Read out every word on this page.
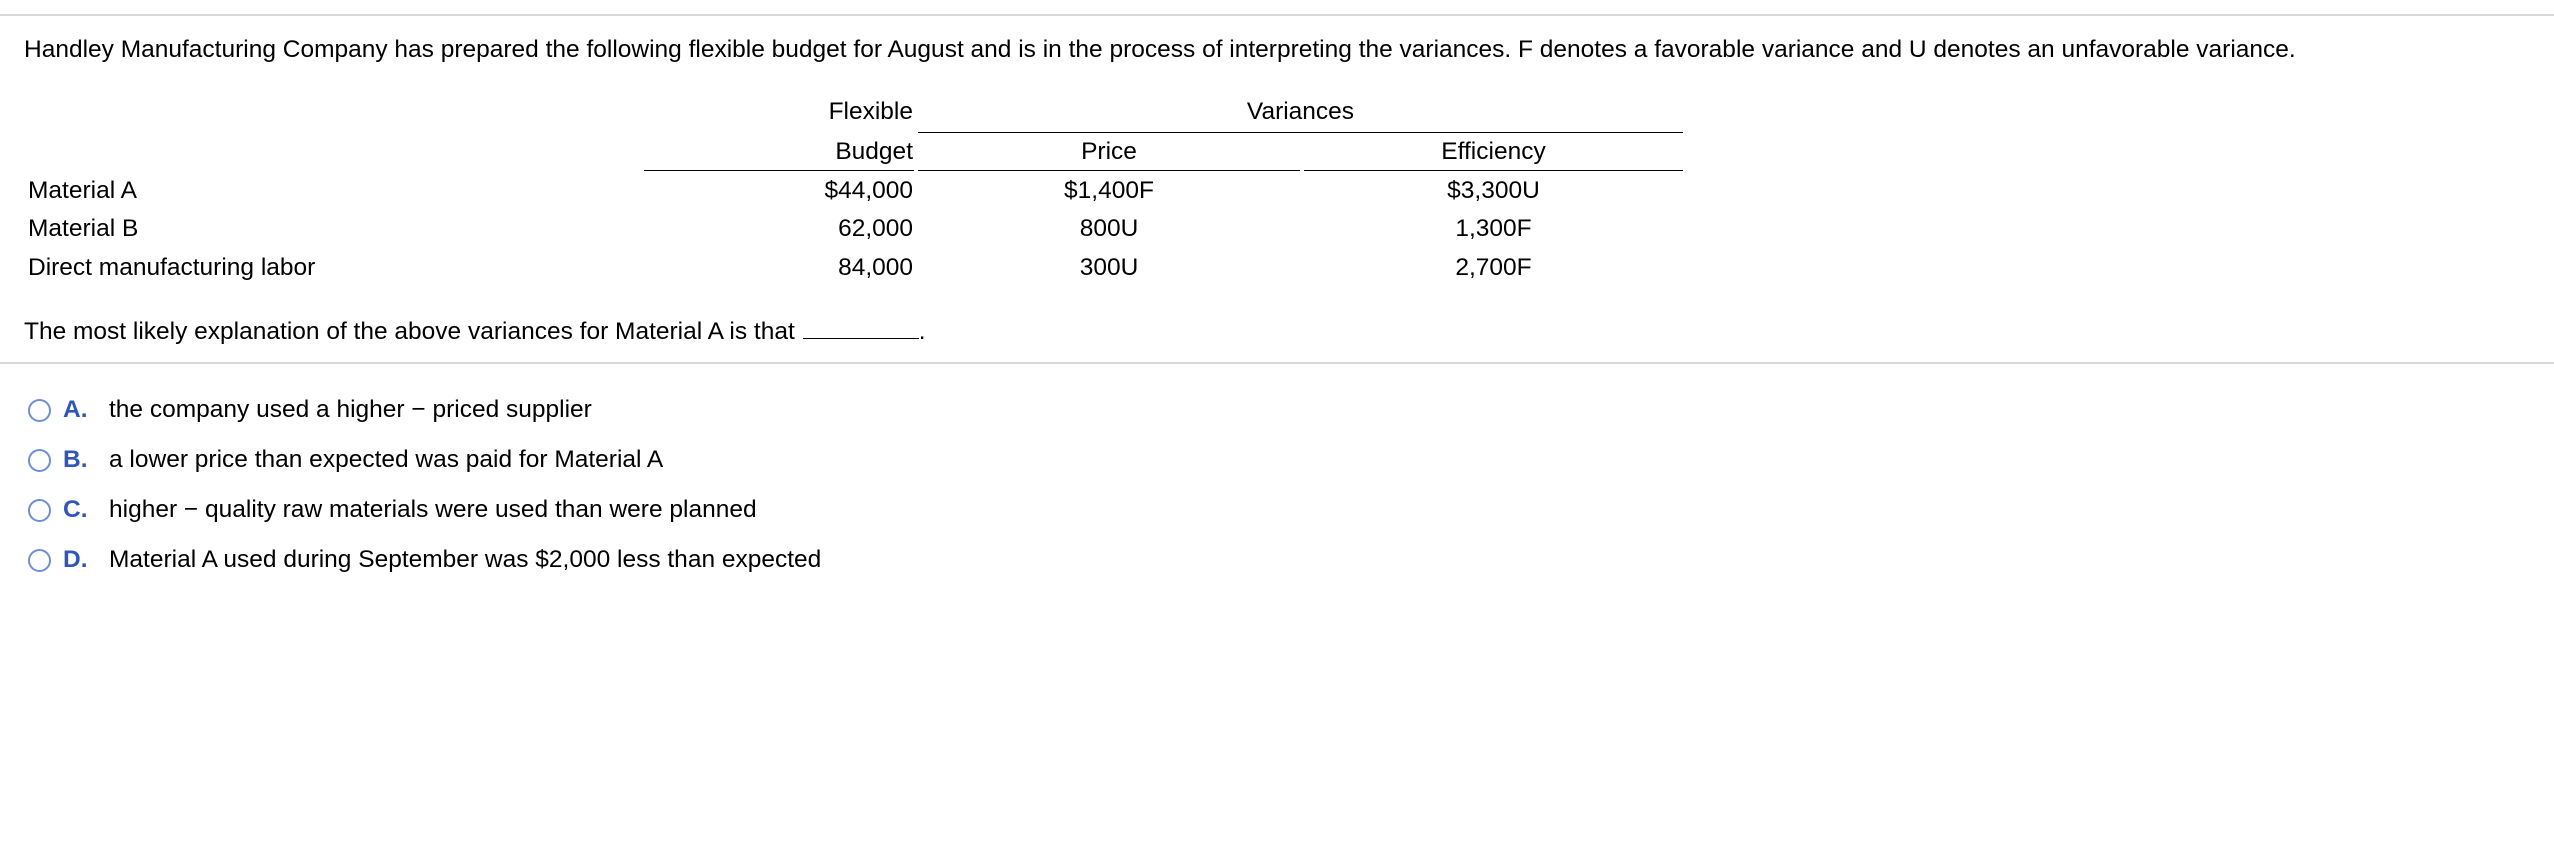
Handley Manufacturing Company has prepared the following flexible budget for August and is in the process of interpreting the variances. F denotes a favorable variance and U denotes an unfavorable variance.
Flexible	Variances
Budget	Price	Efficiency
Material A	$44,000	$1,400F	$3,300U
Material B	62,000	800U	1,300F
Direct manufacturing labor	84,000	300U	2,700F
The most likely explanation of the above variances for Material A is that	.
A. the company used a higher − priced supplier
B. a lower price than expected was paid for Material A
C. higher − quality raw materials were used than were planned
D. Material A used during September was $2,000 less than expected
